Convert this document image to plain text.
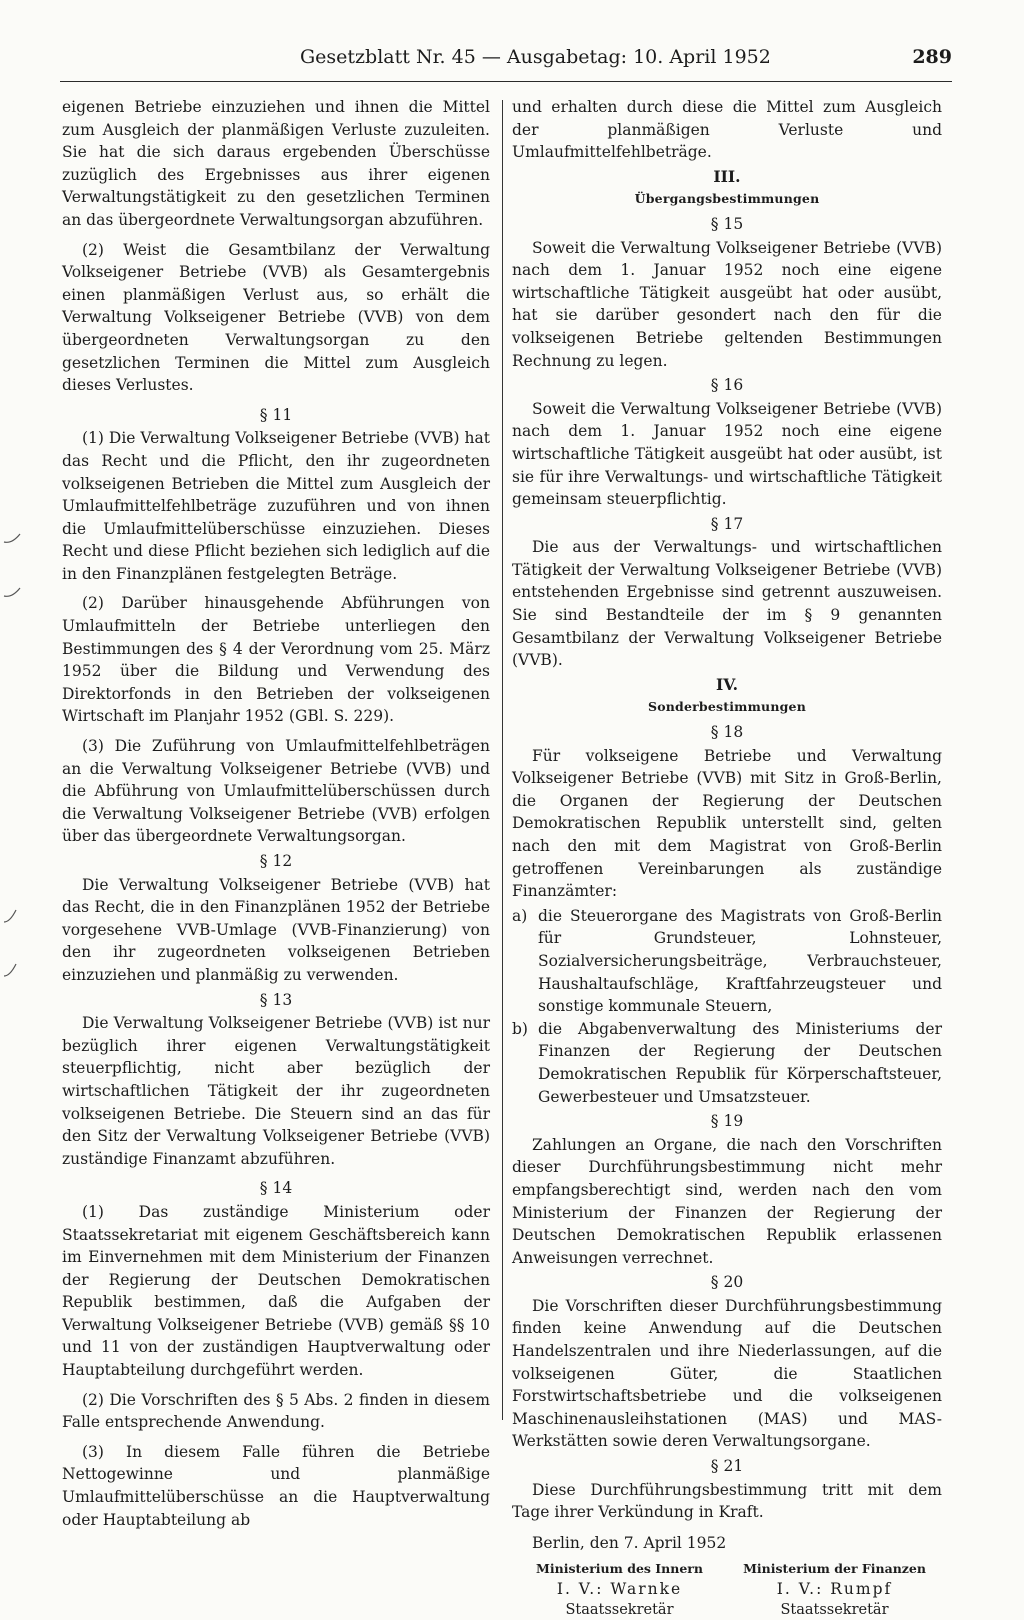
Gesetzblatt Nr. 45 — Ausgabetag: 10. April 1952	289

eigenen Betriebe einzuziehen und ihnen die Mittel zum Ausgleich der planmäßigen Verluste zuzuleiten. Sie hat die sich daraus ergebenden Überschüsse zuzüglich des Ergebnisses aus ihrer eigenen Verwaltungstätigkeit zu den gesetzlichen Terminen an das übergeordnete Verwaltungsorgan abzuführen.

(2) Weist die Gesamtbilanz der Verwaltung Volkseigener Betriebe (VVB) als Gesamtergebnis einen planmäßigen Verlust aus, so erhält die Verwaltung Volkseigener Betriebe (VVB) von dem übergeordneten Verwaltungsorgan zu den gesetzlichen Terminen die Mittel zum Ausgleich dieses Verlustes.

§ 11

(1) Die Verwaltung Volkseigener Betriebe (VVB) hat das Recht und die Pflicht, den ihr zugeordneten volkseigenen Betrieben die Mittel zum Ausgleich der Umlaufmittelfehlbeträge zuzuführen und von ihnen die Umlaufmittelüberschüsse einzuziehen. Dieses Recht und diese Pflicht beziehen sich lediglich auf die in den Finanzplänen festgelegten Beträge.

(2) Darüber hinausgehende Abführungen von Umlaufmitteln der Betriebe unterliegen den Bestimmungen des § 4 der Verordnung vom 25. März 1952 über die Bildung und Verwendung des Direktorfonds in den Betrieben der volkseigenen Wirtschaft im Planjahr 1952 (GBl. S. 229).

(3) Die Zuführung von Umlaufmittelfehlbeträgen an die Verwaltung Volkseigener Betriebe (VVB) und die Abführung von Umlaufmittelüberschüssen durch die Verwaltung Volkseigener Betriebe (VVB) erfolgen über das übergeordnete Verwaltungsorgan.

§ 12

Die Verwaltung Volkseigener Betriebe (VVB) hat das Recht, die in den Finanzplänen 1952 der Betriebe vorgesehene VVB-Umlage (VVB-Finanzierung) von den ihr zugeordneten volkseigenen Betrieben einzuziehen und planmäßig zu verwenden.

§ 13

Die Verwaltung Volkseigener Betriebe (VVB) ist nur bezüglich ihrer eigenen Verwaltungstätigkeit steuerpflichtig, nicht aber bezüglich der wirtschaftlichen Tätigkeit der ihr zugeordneten volkseigenen Betriebe. Die Steuern sind an das für den Sitz der Verwaltung Volkseigener Betriebe (VVB) zuständige Finanzamt abzuführen.

§ 14

(1) Das zuständige Ministerium oder Staatssekretariat mit eigenem Geschäftsbereich kann im Einvernehmen mit dem Ministerium der Finanzen der Regierung der Deutschen Demokratischen Republik bestimmen, daß die Aufgaben der Verwaltung Volkseigener Betriebe (VVB) gemäß §§ 10 und 11 von der zuständigen Hauptverwaltung oder Hauptabteilung durchgeführt werden.

(2) Die Vorschriften des § 5 Abs. 2 finden in diesem Falle entsprechende Anwendung.

(3) In diesem Falle führen die Betriebe Nettogewinne und planmäßige Umlaufmittelüberschüsse an die Hauptverwaltung oder Hauptabteilung ab

und erhalten durch diese die Mittel zum Ausgleich der planmäßigen Verluste und Umlaufmittelfehlbeträge.

III.
Übergangsbestimmungen
§ 15

Soweit die Verwaltung Volkseigener Betriebe (VVB) nach dem 1. Januar 1952 noch eine eigene wirtschaftliche Tätigkeit ausgeübt hat oder ausübt, hat sie darüber gesondert nach den für die volkseigenen Betriebe geltenden Bestimmungen Rechnung zu legen.

§ 16

Soweit die Verwaltung Volkseigener Betriebe (VVB) nach dem 1. Januar 1952 noch eine eigene wirtschaftliche Tätigkeit ausgeübt hat oder ausübt, ist sie für ihre Verwaltungs- und wirtschaftliche Tätigkeit gemeinsam steuerpflichtig.

§ 17

Die aus der Verwaltungs- und wirtschaftlichen Tätigkeit der Verwaltung Volkseigener Betriebe (VVB) entstehenden Ergebnisse sind getrennt auszuweisen. Sie sind Bestandteile der im § 9 genannten Gesamtbilanz der Verwaltung Volkseigener Betriebe (VVB).

IV.
Sonderbestimmungen
§ 18

Für volkseigene Betriebe und Verwaltung Volkseigener Betriebe (VVB) mit Sitz in Groß-Berlin, die Organen der Regierung der Deutschen Demokratischen Republik unterstellt sind, gelten nach den mit dem Magistrat von Groß-Berlin getroffenen Vereinbarungen als zuständige Finanzämter:

a) die Steuerorgane des Magistrats von Groß-Berlin für Grundsteuer, Lohnsteuer, Sozialversicherungsbeiträge, Verbrauchsteuer, Haushaltaufschläge, Kraftfahrzeugsteuer und sonstige kommunale Steuern,
b) die Abgabenverwaltung des Ministeriums der Finanzen der Regierung der Deutschen Demokratischen Republik für Körperschaftsteuer, Gewerbesteuer und Umsatzsteuer.
§ 19

Zahlungen an Organe, die nach den Vorschriften dieser Durchführungsbestimmung nicht mehr empfangsberechtigt sind, werden nach den vom Ministerium der Finanzen der Regierung der Deutschen Demokratischen Republik erlassenen Anweisungen verrechnet.

§ 20

Die Vorschriften dieser Durchführungsbestimmung finden keine Anwendung auf die Deutschen Handelszentralen und ihre Niederlassungen, auf die volkseigenen Güter, die Staatlichen Forstwirtschaftsbetriebe und die volkseigenen Maschinenausleihstationen (MAS) und MAS-Werkstätten sowie deren Verwaltungsorgane.

§ 21

Diese Durchführungsbestimmung tritt mit dem Tage ihrer Verkündung in Kraft.

Berlin, den 7. April 1952
Ministerium des Innern
I. V.: Warnke
Staatssekretär
Ministerium der Finanzen
I. V.: Rumpf
Staatssekretär
